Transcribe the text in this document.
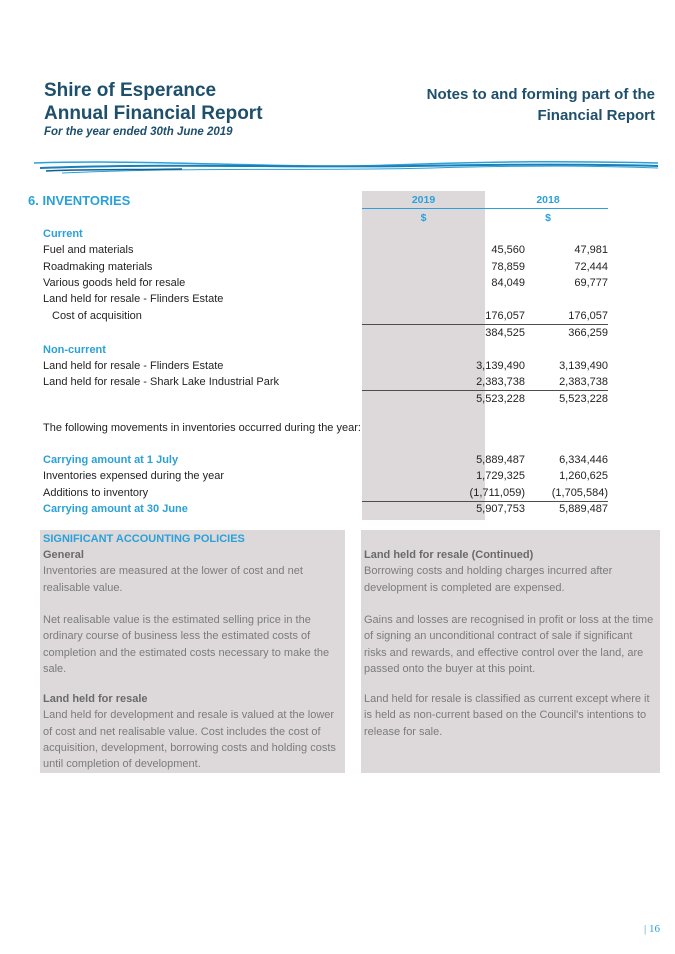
Shire of Esperance
Annual Financial Report
For the year ended 30th June 2019
Notes to and forming part of the
Financial Report
6. INVENTORIES	2019	2018
$	$
Current
Fuel and materials	45,560	47,981
Roadmaking materials	78,859	72,444
Various goods held for resale	84,049	69,777
Land held for resale - Flinders Estate
Cost of acquisition	176,057	176,057
384,525	366,259
Non-current
Land held for resale - Flinders Estate	3,139,490	3,139,490
Land held for resale - Shark Lake Industrial Park	2,383,738	2,383,738
5,523,228	5,523,228
The following movements in inventories occurred during the year:
Carrying amount at 1 July	5,889,487	6,334,446
Inventories expensed during the year	1,729,325	1,260,625
Additions to inventory	(1,711,059)	(1,705,584)
Carrying amount at 30 June	5,907,753	5,889,487
SIGNIFICANT ACCOUNTING POLICIES
General
Inventories are measured at the lower of cost and net realisable value.
Net realisable value is the estimated selling price in the ordinary course of business less the estimated costs of completion and the estimated costs necessary to make the sale.
Land held for resale
Land held for development and resale is valued at the lower of cost and net realisable value. Cost includes the cost of acquisition, development, borrowing costs and holding costs until completion of development.
Land held for resale (Continued)
Borrowing costs and holding charges incurred after development is completed are expensed.
Gains and losses are recognised in profit or loss at the time of signing an unconditional contract of sale if significant risks and rewards, and effective control over the land, are passed onto the buyer at this point.
Land held for resale is classified as current except where it is held as non-current based on the Council's intentions to release for sale.
| 16
